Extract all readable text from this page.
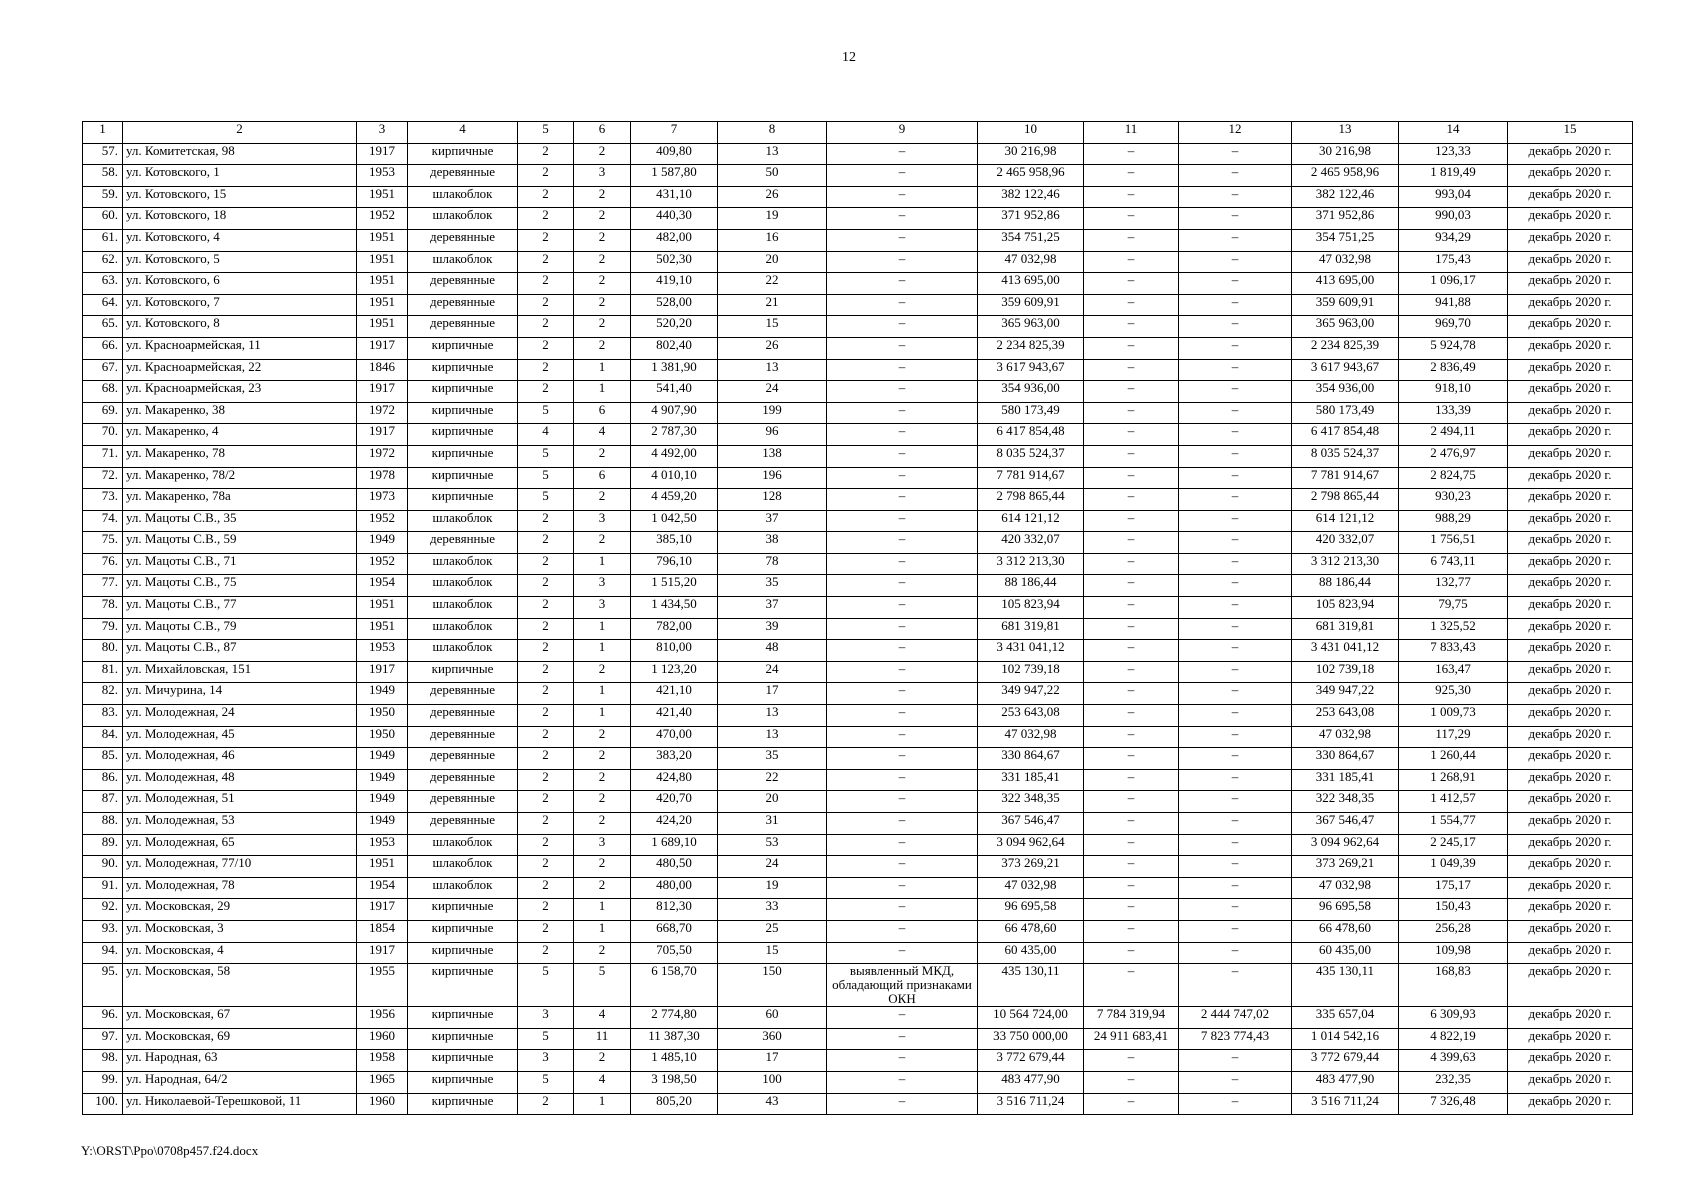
12
1	2	3	4	5	6	7	8	9	10	11	12	13	14	15
57.	ул. Комитетская, 98	1917	кирпичные	2	2	409,80	13	–	30 216,98	–	–	30 216,98	123,33	декабрь 2020 г.
58.	ул. Котовского, 1	1953	деревянные	2	3	1 587,80	50	–	2 465 958,96	–	–	2 465 958,96	1 819,49	декабрь 2020 г.
59.	ул. Котовского, 15	1951	шлакоблок	2	2	431,10	26	–	382 122,46	–	–	382 122,46	993,04	декабрь 2020 г.
60.	ул. Котовского, 18	1952	шлакоблок	2	2	440,30	19	–	371 952,86	–	–	371 952,86	990,03	декабрь 2020 г.
61.	ул. Котовского, 4	1951	деревянные	2	2	482,00	16	–	354 751,25	–	–	354 751,25	934,29	декабрь 2020 г.
62.	ул. Котовского, 5	1951	шлакоблок	2	2	502,30	20	–	47 032,98	–	–	47 032,98	175,43	декабрь 2020 г.
63.	ул. Котовского, 6	1951	деревянные	2	2	419,10	22	–	413 695,00	–	–	413 695,00	1 096,17	декабрь 2020 г.
64.	ул. Котовского, 7	1951	деревянные	2	2	528,00	21	–	359 609,91	–	–	359 609,91	941,88	декабрь 2020 г.
65.	ул. Котовского, 8	1951	деревянные	2	2	520,20	15	–	365 963,00	–	–	365 963,00	969,70	декабрь 2020 г.
66.	ул. Красноармейская, 11	1917	кирпичные	2	2	802,40	26	–	2 234 825,39	–	–	2 234 825,39	5 924,78	декабрь 2020 г.
67.	ул. Красноармейская, 22	1846	кирпичные	2	1	1 381,90	13	–	3 617 943,67	–	–	3 617 943,67	2 836,49	декабрь 2020 г.
68.	ул. Красноармейская, 23	1917	кирпичные	2	1	541,40	24	–	354 936,00	–	–	354 936,00	918,10	декабрь 2020 г.
69.	ул. Макаренко, 38	1972	кирпичные	5	6	4 907,90	199	–	580 173,49	–	–	580 173,49	133,39	декабрь 2020 г.
70.	ул. Макаренко, 4	1917	кирпичные	4	4	2 787,30	96	–	6 417 854,48	–	–	6 417 854,48	2 494,11	декабрь 2020 г.
71.	ул. Макаренко, 78	1972	кирпичные	5	2	4 492,00	138	–	8 035 524,37	–	–	8 035 524,37	2 476,97	декабрь 2020 г.
72.	ул. Макаренко, 78/2	1978	кирпичные	5	6	4 010,10	196	–	7 781 914,67	–	–	7 781 914,67	2 824,75	декабрь 2020 г.
73.	ул. Макаренко, 78а	1973	кирпичные	5	2	4 459,20	128	–	2 798 865,44	–	–	2 798 865,44	930,23	декабрь 2020 г.
74.	ул. Мацоты С.В., 35	1952	шлакоблок	2	3	1 042,50	37	–	614 121,12	–	–	614 121,12	988,29	декабрь 2020 г.
75.	ул. Мацоты С.В., 59	1949	деревянные	2	2	385,10	38	–	420 332,07	–	–	420 332,07	1 756,51	декабрь 2020 г.
76.	ул. Мацоты С.В., 71	1952	шлакоблок	2	1	796,10	78	–	3 312 213,30	–	–	3 312 213,30	6 743,11	декабрь 2020 г.
77.	ул. Мацоты С.В., 75	1954	шлакоблок	2	3	1 515,20	35	–	88 186,44	–	–	88 186,44	132,77	декабрь 2020 г.
78.	ул. Мацоты С.В., 77	1951	шлакоблок	2	3	1 434,50	37	–	105 823,94	–	–	105 823,94	79,75	декабрь 2020 г.
79.	ул. Мацоты С.В., 79	1951	шлакоблок	2	1	782,00	39	–	681 319,81	–	–	681 319,81	1 325,52	декабрь 2020 г.
80.	ул. Мацоты С.В., 87	1953	шлакоблок	2	1	810,00	48	–	3 431 041,12	–	–	3 431 041,12	7 833,43	декабрь 2020 г.
81.	ул. Михайловская, 151	1917	кирпичные	2	2	1 123,20	24	–	102 739,18	–	–	102 739,18	163,47	декабрь 2020 г.
82.	ул. Мичурина, 14	1949	деревянные	2	1	421,10	17	–	349 947,22	–	–	349 947,22	925,30	декабрь 2020 г.
83.	ул. Молодежная, 24	1950	деревянные	2	1	421,40	13	–	253 643,08	–	–	253 643,08	1 009,73	декабрь 2020 г.
84.	ул. Молодежная, 45	1950	деревянные	2	2	470,00	13	–	47 032,98	–	–	47 032,98	117,29	декабрь 2020 г.
85.	ул. Молодежная, 46	1949	деревянные	2	2	383,20	35	–	330 864,67	–	–	330 864,67	1 260,44	декабрь 2020 г.
86.	ул. Молодежная, 48	1949	деревянные	2	2	424,80	22	–	331 185,41	–	–	331 185,41	1 268,91	декабрь 2020 г.
87.	ул. Молодежная, 51	1949	деревянные	2	2	420,70	20	–	322 348,35	–	–	322 348,35	1 412,57	декабрь 2020 г.
88.	ул. Молодежная, 53	1949	деревянные	2	2	424,20	31	–	367 546,47	–	–	367 546,47	1 554,77	декабрь 2020 г.
89.	ул. Молодежная, 65	1953	шлакоблок	2	3	1 689,10	53	–	3 094 962,64	–	–	3 094 962,64	2 245,17	декабрь 2020 г.
90.	ул. Молодежная, 77/10	1951	шлакоблок	2	2	480,50	24	–	373 269,21	–	–	373 269,21	1 049,39	декабрь 2020 г.
91.	ул. Молодежная, 78	1954	шлакоблок	2	2	480,00	19	–	47 032,98	–	–	47 032,98	175,17	декабрь 2020 г.
92.	ул. Московская, 29	1917	кирпичные	2	1	812,30	33	–	96 695,58	–	–	96 695,58	150,43	декабрь 2020 г.
93.	ул. Московская, 3	1854	кирпичные	2	1	668,70	25	–	66 478,60	–	–	66 478,60	256,28	декабрь 2020 г.
94.	ул. Московская, 4	1917	кирпичные	2	2	705,50	15	–	60 435,00	–	–	60 435,00	109,98	декабрь 2020 г.
95.	ул. Московская, 58	1955	кирпичные	5	5	6 158,70	150	выявленный МКД, обладающий признаками ОКН	435 130,11	–	–	435 130,11	168,83	декабрь 2020 г.
96.	ул. Московская, 67	1956	кирпичные	3	4	2 774,80	60	–	10 564 724,00	7 784 319,94	2 444 747,02	335 657,04	6 309,93	декабрь 2020 г.
97.	ул. Московская, 69	1960	кирпичные	5	11	11 387,30	360	–	33 750 000,00	24 911 683,41	7 823 774,43	1 014 542,16	4 822,19	декабрь 2020 г.
98.	ул. Народная, 63	1958	кирпичные	3	2	1 485,10	17	–	3 772 679,44	–	–	3 772 679,44	4 399,63	декабрь 2020 г.
99.	ул. Народная, 64/2	1965	кирпичные	5	4	3 198,50	100	–	483 477,90	–	–	483 477,90	232,35	декабрь 2020 г.
100.	ул. Николаевой-Терешковой, 11	1960	кирпичные	2	1	805,20	43	–	3 516 711,24	–	–	3 516 711,24	7 326,48	декабрь 2020 г.
Y:\ORST\Ppo\0708p457.f24.docx
